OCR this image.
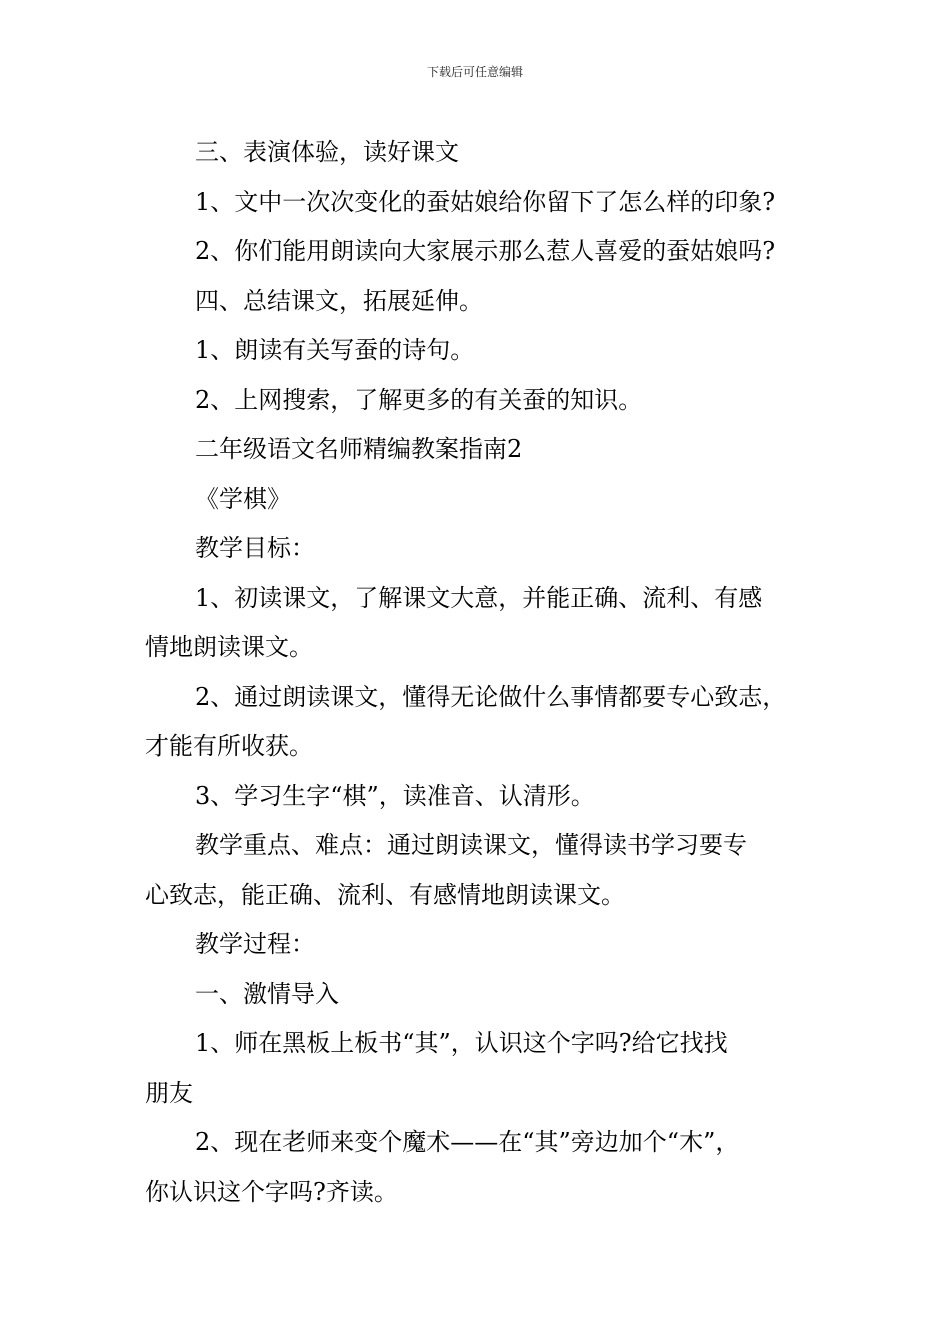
下载后可任意编辑
三、表演体验，读好课文
1、文中一次次变化的蚕姑娘给你留下了怎么样的印象?
2、你们能用朗读向大家展示那么惹人喜爱的蚕姑娘吗?
四、总结课文，拓展延伸。
1、朗读有关写蚕的诗句。
2、上网搜索，了解更多的有关蚕的知识。
二年级语文名师精编教案指南2
《学棋》
教学目标：
1、初读课文，了解课文大意，并能正确、流利、有感
情地朗读课文。
2、通过朗读课文，懂得无论做什么事情都要专心致志，
才能有所收获。
3、学习生字“棋”，读准音、认清形。
教学重点、难点：通过朗读课文，懂得读书学习要专
心致志，能正确、流利、有感情地朗读课文。
教学过程：
一、激情导入
1、师在黑板上板书“其”，认识这个字吗?给它找找
朋友
2、现在老师来变个魔术——在“其”旁边加个“木”，
你认识这个字吗?齐读。
